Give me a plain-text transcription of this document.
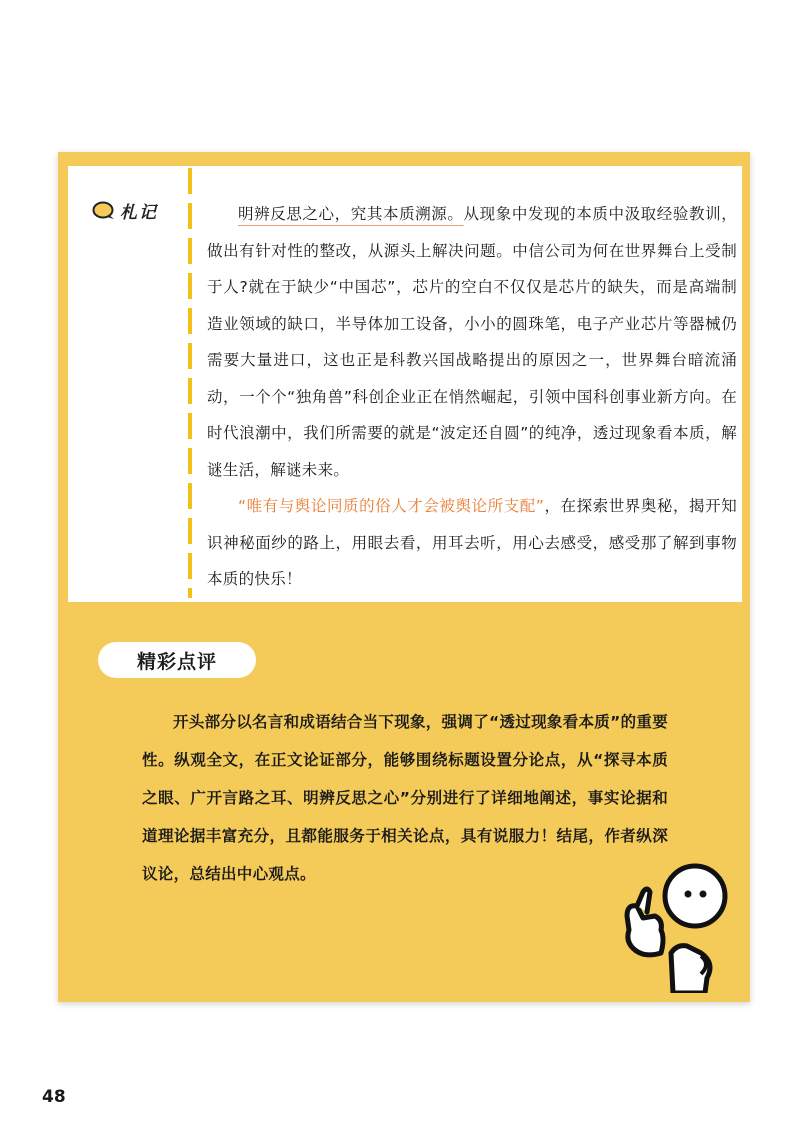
札记	明辨反思之心，究其本质溯源。从现象中发现的本质中汲取经验教训，做出有针对性的整改，从源头上解决问题。中信公司为何在世界舞台上受制于人?就在于缺少“中国芯”，芯片的空白不仅仅是芯片的缺失，而是高端制造业领域的缺口，半导体加工设备，小小的圆珠笔，电子产业芯片等器械仍需要大量进口，这也正是科教兴国战略提出的原因之一，世界舞台暗流涌动，一个个“独角兽”科创企业正在悄然崛起，引领中国科创事业新方向。在时代浪潮中，我们所需要的就是“波定还自圆”的纯净，透过现象看本质，解谜生活，解谜未来。

“唯有与舆论同质的俗人才会被舆论所支配”，在探索世界奥秘，揭开知识神秘面纱的路上，用眼去看，用耳去听，用心去感受，感受那了解到事物本质的快乐！

精彩点评

开头部分以名言和成语结合当下现象，强调了“透过现象看本质”的重要性。纵观全文，在正文论证部分，能够围绕标题设置分论点，从“探寻本质之眼、广开言路之耳、明辨反思之心”分别进行了详细地阐述，事实论据和道理论据丰富充分，且都能服务于相关论点，具有说服力！结尾，作者纵深议论，总结出中心观点。

48
